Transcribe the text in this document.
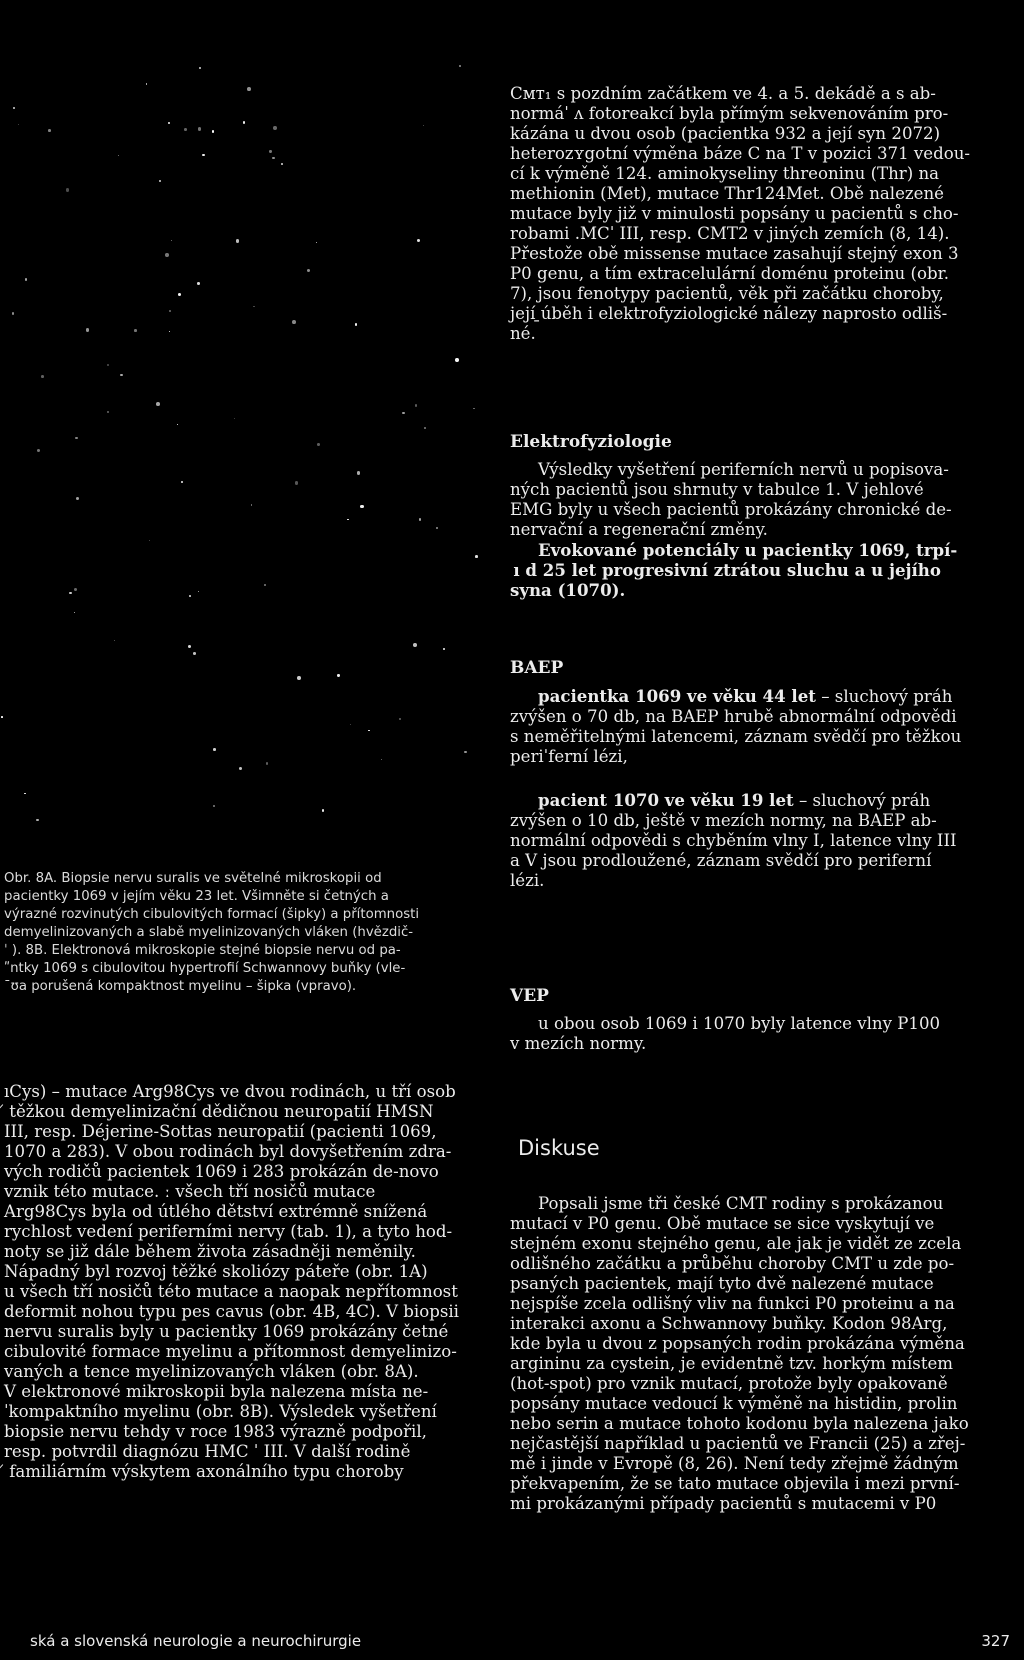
Cᴍᴛ₁ s pozdním začátkem ve 4. a 5. dekádě a s ab-
normáˈ ʌ fotoreakcí byla přímým sekvenováním pro-
kázána u dvou osob (pacientka 932 a její syn 2072)
heterozʏgotní výměna báze C na T v pozici 371 vedou-
cí k výměně 124. aminokyseliny threoninu (Thr) na
methionin (Met), mutace Thr124Met. Obě nalezené
mutace byly již v minulosti popsány u pacientů s cho-
robami .MCˈ III, resp. CMT2 v jiných zemích (8, 14).
Přestože obě missense mutace zasahují stejný exon 3
P0 genu, a tím extracelulární doménu proteinu (obr.
7), jsou fenotypy pacientů, věk při začátku choroby,
její ̱úběh i elektrofyziologické nálezy naprosto odliš-
né.
Elektrofyziologie
Výsledky vyšetření periferních nervů u popisova-
ných pacientů jsou shrnuty v tabulce 1. V jehlové
EMG byly u všech pacientů prokázány chronické de-
nervační a regenerační změny.
Evokované potenciály u pacientky 1069, trpí-
 ı d 25 let progresivní ztrátou sluchu a u jejího
syna (1070).
BAEP
pacientka 1069 ve věku 44 let – sluchový práh
zvýšen o 70 db, na BAEP hrubě abnormální odpovědi
s neměřitelnými latencemi, záznam svědčí pro těžkou
periˈferní lézi,
pacient 1070 ve věku 19 let – sluchový práh
zvýšen o 10 db, ještě v mezích normy, na BAEP ab-
normální odpovědi s chyběním vlny I, latence vlny III
a V jsou prodloužené, záznam svědčí pro periferní
lézi.
VEP
u obou osob 1069 i 1070 byly latence vlny P100
v mezích normy.
Diskuse
Popsali jsme tři české CMT rodiny s prokázanou
mutací v P0 genu. Obě mutace se sice vyskytují ve
stejném exonu stejného genu, ale jak je vidět ze zcela
odlišného začátku a průběhu choroby CMT u zde po-
psaných pacientek, mají tyto dvě nalezené mutace
nejspíše zcela odlišný vliv na funkci P0 proteinu a na
interakci axonu a Schwannovy buňky. Kodon 98Arg,
kde byla u dvou z popsaných rodin prokázána výměna
argininu za cystein, je evidentně tzv. horkým místem
(hot-spot) pro vznik mutací, protože byly opakovaně
popsány mutace vedoucí k výměně na histidin, prolin
nebo serin a mutace tohoto kodonu byla nalezena jako
nejčastější například u pacientů ve Francii (25) a zřej-
mě i jinde v Evropě (8, 26). Není tedy zřejmě žádným
překvapením, že se tato mutace objevila i mezi první-
mi prokázanými případy pacientů s mutacemi v P0
Obr. 8A. Biopsie nervu suralis ve světelné mikroskopii od
pacientky 1069 v jejím věku 23 let. Všimněte si četných a
výrazné rozvinutých cibulovitých formací (šipky) a přítomnosti
demyelinizovaných a slabě myelinizovaných vláken (hvězdič-
ˈ ). 8B. Elektronová mikroskopie stejné biopsie nervu od pa-
ʺntky 1069 s cibulovitou hypertrofií Schwannovy buňky (vle-
ˉʊa porušená kompaktnost myelinu – šipka (vpravo).
ıCys) – mutace Arg98Cys ve dvou rodinách, u tří osob
̸ těžkou demyelinizační dědičnou neuropatií HMSN
III, resp. Déjerine-Sottas neuropatií (pacienti 1069,
1070 a 283). V obou rodinách byl dovyšetřením zdra-
vých rodičů pacientek 1069 i 283 prokázán de-novo
vznik této mutace. ː všech tří nosičů mutace
Arg98Cys byla od útlého dětství extrémně snížená
rychlost vedení periferními nervy (tab. 1), a tyto hod-
noty se již dále během života zásadněji neměnily.
Nápadný byl rozvoj těžké skoliózy páteře (obr. 1A)
u všech tří nosičů této mutace a naopak nepřítomnost
deformit nohou typu pes cavus (obr. 4B, 4C). V biopsii
nervu suralis byly u pacientky 1069 prokázány četné
cibulovité formace myelinu a přítomnost demyelinizo-
vaných a tence myelinizovaných vláken (obr. 8A).
V elektronové mikroskopii byla nalezena místa ne-
ˈkompaktního myelinu (obr. 8B). Výsledek vyšetření
biopsie nervu tehdy v roce 1983 výrazně podpořil,
resp. potvrdil diagnózu HMC ˈ III. V další rodině
̸ familiárním výskytem axonálního typu choroby
ská a slovenská neurologie a neurochirurgie	327
